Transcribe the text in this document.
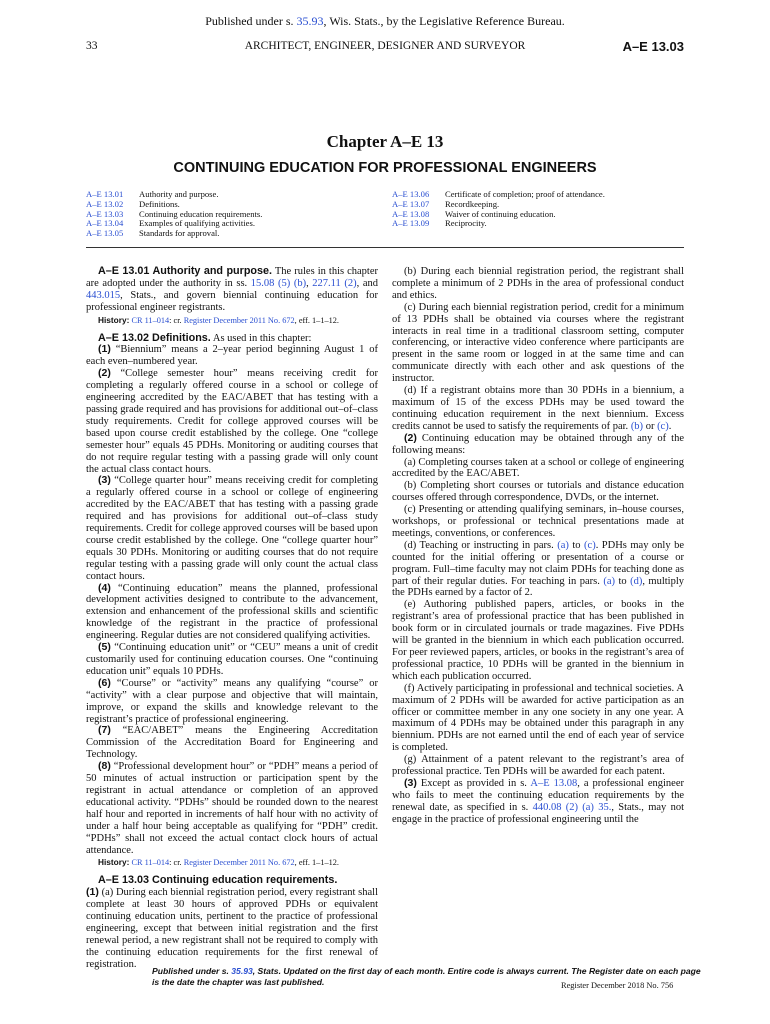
Published under s. 35.93, Wis. Stats., by the Legislative Reference Bureau.
33	ARCHITECT, ENGINEER, DESIGNER AND SURVEYOR	A–E 13.03
Chapter A–E 13
CONTINUING EDUCATION FOR PROFESSIONAL ENGINEERS
A–E 13.01	Authority and purpose.
A–E 13.02	Definitions.
A–E 13.03	Continuing education requirements.
A–E 13.04	Examples of qualifying activities.
A–E 13.05	Standards for approval.
A–E 13.06	Certificate of completion; proof of attendance.
A–E 13.07	Recordkeeping.
A–E 13.08	Waiver of continuing education.
A–E 13.09	Reciprocity.

A–E 13.01 Authority and purpose. The rules in this chapter are adopted under the authority in ss. 15.08 (5) (b), 227.11 (2), and 443.015, Stats., and govern biennial continuing education for professional engineer registrants.

History: CR 11–014: cr. Register December 2011 No. 672, eff. 1–1–12.

A–E 13.02 Definitions. As used in this chapter:

(1) “Biennium” means a 2–year period beginning August 1 of each even–numbered year.

(2) “College semester hour” means receiving credit for completing a regularly offered course in a school or college of engineering accredited by the EAC/ABET that has testing with a passing grade required and has provisions for additional out–of–class study requirements. Credit for college approved courses will be based upon course credit established by the college. One “college semester hour” equals 45 PDHs. Monitoring or auditing courses that do not require regular testing with a passing grade will only count the actual class contact hours.

(3) “College quarter hour” means receiving credit for completing a regularly offered course in a school or college of engineering accredited by the EAC/ABET that has testing with a passing grade required and has provisions for additional out–of–class study requirements. Credit for college approved courses will be based upon course credit established by the college. One “college quarter hour” equals 30 PDHs. Monitoring or auditing courses that do not require regular testing with a passing grade will only count the actual class contact hours.

(4) “Continuing education” means the planned, professional development activities designed to contribute to the advancement, extension and enhancement of the professional skills and scientific knowledge of the registrant in the practice of professional engineering. Regular duties are not considered qualifying activities.

(5) “Continuing education unit” or “CEU” means a unit of credit customarily used for continuing education courses. One “continuing education unit” equals 10 PDHs.

(6) “Course” or “activity” means any qualifying “course” or “activity” with a clear purpose and objective that will maintain, improve, or expand the skills and knowledge relevant to the registrant’s practice of professional engineering.

(7) “EAC/ABET” means the Engineering Accreditation Commission of the Accreditation Board for Engineering and Technology.

(8) “Professional development hour” or “PDH” means a period of 50 minutes of actual instruction or participation spent by the registrant in actual attendance or completion of an approved educational activity. “PDHs” should be rounded down to the nearest half hour and reported in increments of half hour with no activity of under a half hour being acceptable as qualifying for “PDH” credit. “PDHs” shall not exceed the actual contact clock hours of actual attendance.

History: CR 11–014: cr. Register December 2011 No. 672, eff. 1–1–12.

A–E 13.03 Continuing education requirements.
(1) (a) During each biennial registration period, every registrant shall complete at least 30 hours of approved PDHs or equivalent continuing education units, pertinent to the practice of professional engineering, except that between initial registration and the first renewal period, a new registrant shall not be required to comply with the continuing education requirements for the first renewal of registration.

(b) During each biennial registration period, the registrant shall complete a minimum of 2 PDHs in the area of professional conduct and ethics.

(c) During each biennial registration period, credit for a minimum of 13 PDHs shall be obtained via courses where the registrant interacts in real time in a traditional classroom setting, computer conferencing, or interactive video conference where participants are present in the same room or logged in at the same time and can communicate directly with each other and ask questions of the instructor.

(d) If a registrant obtains more than 30 PDHs in a biennium, a maximum of 15 of the excess PDHs may be used toward the continuing education requirement in the next biennium. Excess credits cannot be used to satisfy the requirements of par. (b) or (c).

(2) Continuing education may be obtained through any of the following means:

(a) Completing courses taken at a school or college of engineering accredited by the EAC/ABET.

(b) Completing short courses or tutorials and distance education courses offered through correspondence, DVDs, or the internet.

(c) Presenting or attending qualifying seminars, in–house courses, workshops, or professional or technical presentations made at meetings, conventions, or conferences.

(d) Teaching or instructing in pars. (a) to (c). PDHs may only be counted for the initial offering or presentation of a course or program. Full–time faculty may not claim PDHs for teaching done as part of their regular duties. For teaching in pars. (a) to (d), multiply the PDHs earned by a factor of 2.

(e) Authoring published papers, articles, or books in the registrant’s area of professional practice that has been published in book form or in circulated journals or trade magazines. Five PDHs will be granted in the biennium in which each publication occurred. For peer reviewed papers, articles, or books in the registrant’s area of professional practice, 10 PDHs will be granted in the biennium in which each publication occurred.

(f) Actively participating in professional and technical societies. A maximum of 2 PDHs will be awarded for active participation as an officer or committee member in any one society in any one year. A maximum of 4 PDHs may be obtained under this paragraph in any biennium. PDHs are not earned until the end of each year of service is completed.

(g) Attainment of a patent relevant to the registrant’s area of professional practice. Ten PDHs will be awarded for each patent.

(3) Except as provided in s. A–E 13.08, a professional engineer who fails to meet the continuing education requirements by the renewal date, as specified in s. 440.08 (2) (a) 35., Stats., may not engage in the practice of professional engineering until the

Published under s. 35.93, Stats. Updated on the first day of each month. Entire code is always current. The Register date on each page
is the date the chapter was last published.	Register December 2018 No. 756
